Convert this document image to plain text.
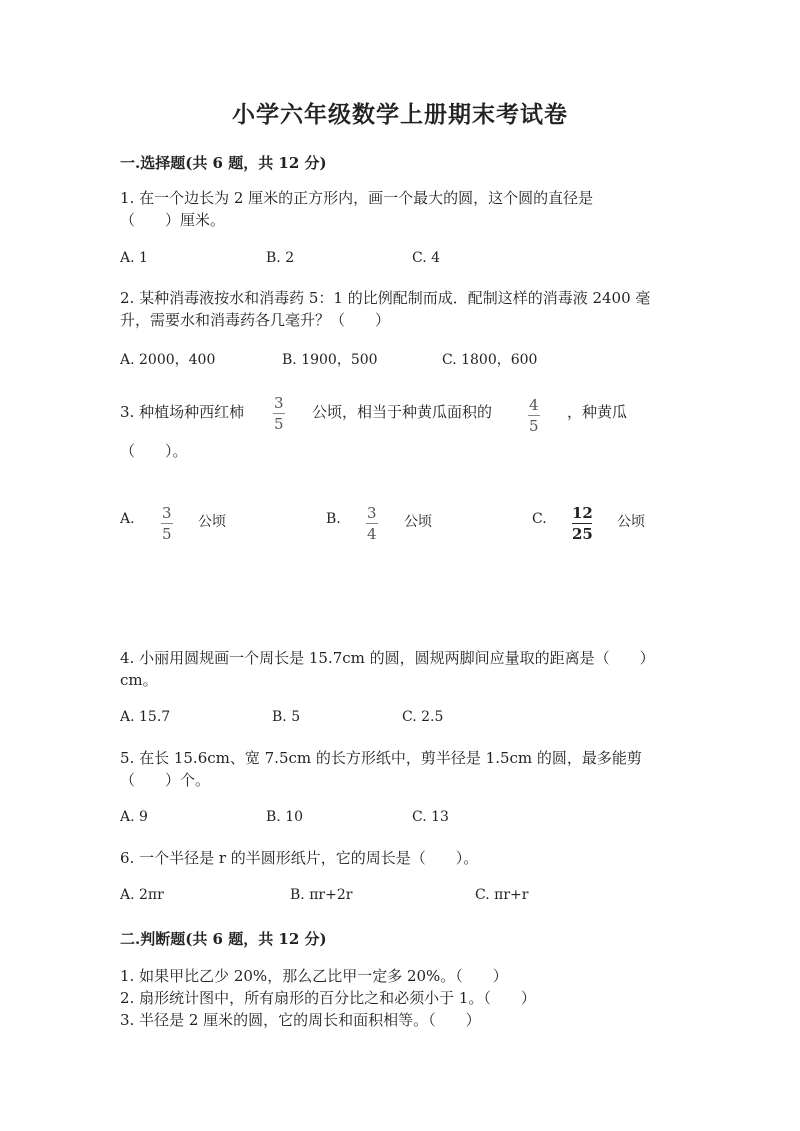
小学六年级数学上册期末考试卷
一.选择题(共 6 题，共 12 分)
1. 在一个边长为 2 厘米的正方形内，画一个最大的圆，这个圆的直径是
（　　）厘米。
A. 1	B. 2	C. 4
2. 某种消毒液按水和消毒药 5：1 的比例配制而成．配制这样的消毒液 2400 毫
升，需要水和消毒药各几毫升？（　　）
A. 2000，400	B. 1900，500	C. 1800，600
3. 种植场种西红柿 3
5
公顷，相当于种黄瓜面积的 4
5
，种黄瓜
（　　）。
A. 3
5
公顷	B. 3
4
公顷	C. 12
25
公顷
4. 小丽用圆规画一个周长是 15.7cm 的圆，圆规两脚间应量取的距离是（　　）
cm。
A. 15.7	B. 5	C. 2.5
5. 在长 15.6cm、宽 7.5cm 的长方形纸中，剪半径是 1.5cm 的圆，最多能剪
（　　）个。
A. 9	B. 10	C. 13
6. 一个半径是 r 的半圆形纸片，它的周长是（　　）。
A. 2πr	B. πr+2r	C. πr+r
二.判断题(共 6 题，共 12 分)
1. 如果甲比乙少 20%，那么乙比甲一定多 20%。（　　）
2. 扇形统计图中，所有扇形的百分比之和必须小于 1。（　　）
3. 半径是 2 厘米的圆，它的周长和面积相等。（　　）
